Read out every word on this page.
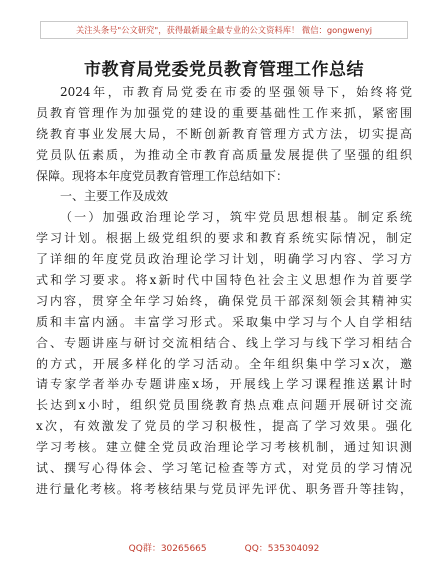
关注头条号"公文研究"，获得最新最全最专业的公文资料库！ 微信：gongwenyj
市教育局党委党员教育管理工作总结
2024年，市教育局党委在市委的坚强领导下，始终将党
员教育管理作为加强党的建设的重要基础性工作来抓，紧密围
绕教育事业发展大局，不断创新教育管理方式方法，切实提高
党员队伍素质，为推动全市教育高质量发展提供了坚强的组织
保障。现将本年度党员教育管理工作总结如下：
一、主要工作及成效
（一）加强政治理论学习，筑牢党员思想根基。制定系统
学习计划。根据上级党组织的要求和教育系统实际情况，制定
了详细的年度党员政治理论学习计划，明确学习内容、学习方
式和学习要求。将x新时代中国特色社会主义思想作为首要学
习内容，贯穿全年学习始终，确保党员干部深刻领会其精神实
质和丰富内涵。丰富学习形式。采取集中学习与个人自学相结
合、专题讲座与研讨交流相结合、线上学习与线下学习相结合
的方式，开展多样化的学习活动。全年组织集中学习x次，邀
请专家学者举办专题讲座x场，开展线上学习课程推送累计时
长达到x小时，组织党员围绕教育热点难点问题开展研讨交流
x次，有效激发了党员的学习积极性，提高了学习效果。强化
学习考核。建立健全党员政治理论学习考核机制，通过知识测
试、撰写心得体会、学习笔记检查等方式，对党员的学习情况
进行量化考核。将考核结果与党员评先评优、职务晋升等挂钩，
QQ群：30265665	QQ：535304092
